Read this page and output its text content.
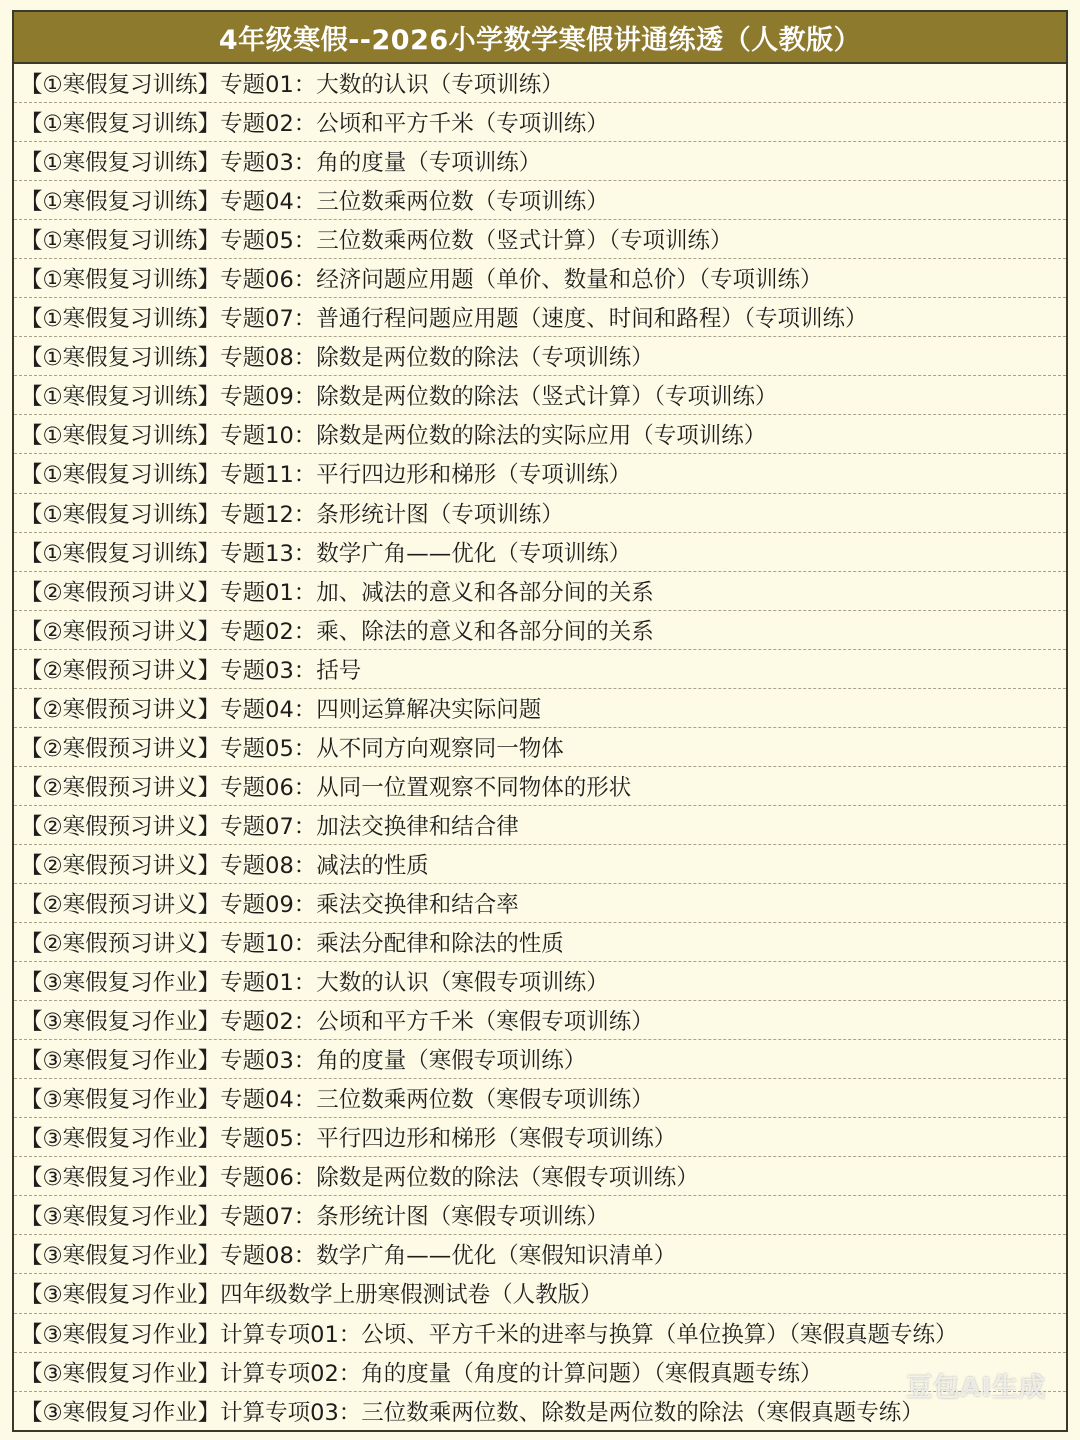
4年级寒假--2026小学数学寒假讲通练透（人教版）
【①寒假复习训练】专题01：大数的认识（专项训练）
【①寒假复习训练】专题02：公顷和平方千米（专项训练）
【①寒假复习训练】专题03：角的度量（专项训练）
【①寒假复习训练】专题04：三位数乘两位数（专项训练）
【①寒假复习训练】专题05：三位数乘两位数（竖式计算）（专项训练）
【①寒假复习训练】专题06：经济问题应用题（单价、数量和总价）（专项训练）
【①寒假复习训练】专题07：普通行程问题应用题（速度、时间和路程）（专项训练）
【①寒假复习训练】专题08：除数是两位数的除法（专项训练）
【①寒假复习训练】专题09：除数是两位数的除法（竖式计算）（专项训练）
【①寒假复习训练】专题10：除数是两位数的除法的实际应用（专项训练）
【①寒假复习训练】专题11：平行四边形和梯形（专项训练）
【①寒假复习训练】专题12：条形统计图（专项训练）
【①寒假复习训练】专题13：数学广角——优化（专项训练）
【②寒假预习讲义】专题01：加、减法的意义和各部分间的关系
【②寒假预习讲义】专题02：乘、除法的意义和各部分间的关系
【②寒假预习讲义】专题03：括号
【②寒假预习讲义】专题04：四则运算解决实际问题
【②寒假预习讲义】专题05：从不同方向观察同一物体
【②寒假预习讲义】专题06：从同一位置观察不同物体的形状
【②寒假预习讲义】专题07：加法交换律和结合律
【②寒假预习讲义】专题08：减法的性质
【②寒假预习讲义】专题09：乘法交换律和结合率
【②寒假预习讲义】专题10：乘法分配律和除法的性质
【③寒假复习作业】专题01：大数的认识（寒假专项训练）
【③寒假复习作业】专题02：公顷和平方千米（寒假专项训练）
【③寒假复习作业】专题03：角的度量（寒假专项训练）
【③寒假复习作业】专题04：三位数乘两位数（寒假专项训练）
【③寒假复习作业】专题05：平行四边形和梯形（寒假专项训练）
【③寒假复习作业】专题06：除数是两位数的除法（寒假专项训练）
【③寒假复习作业】专题07：条形统计图（寒假专项训练）
【③寒假复习作业】专题08：数学广角——优化（寒假知识清单）
【③寒假复习作业】四年级数学上册寒假测试卷（人教版）
【③寒假复习作业】计算专项01：公顷、平方千米的进率与换算（单位换算）（寒假真题专练）
【③寒假复习作业】计算专项02：角的度量（角度的计算问题）（寒假真题专练）
【③寒假复习作业】计算专项03：三位数乘两位数、除数是两位数的除法（寒假真题专练）
豆包AI生成
